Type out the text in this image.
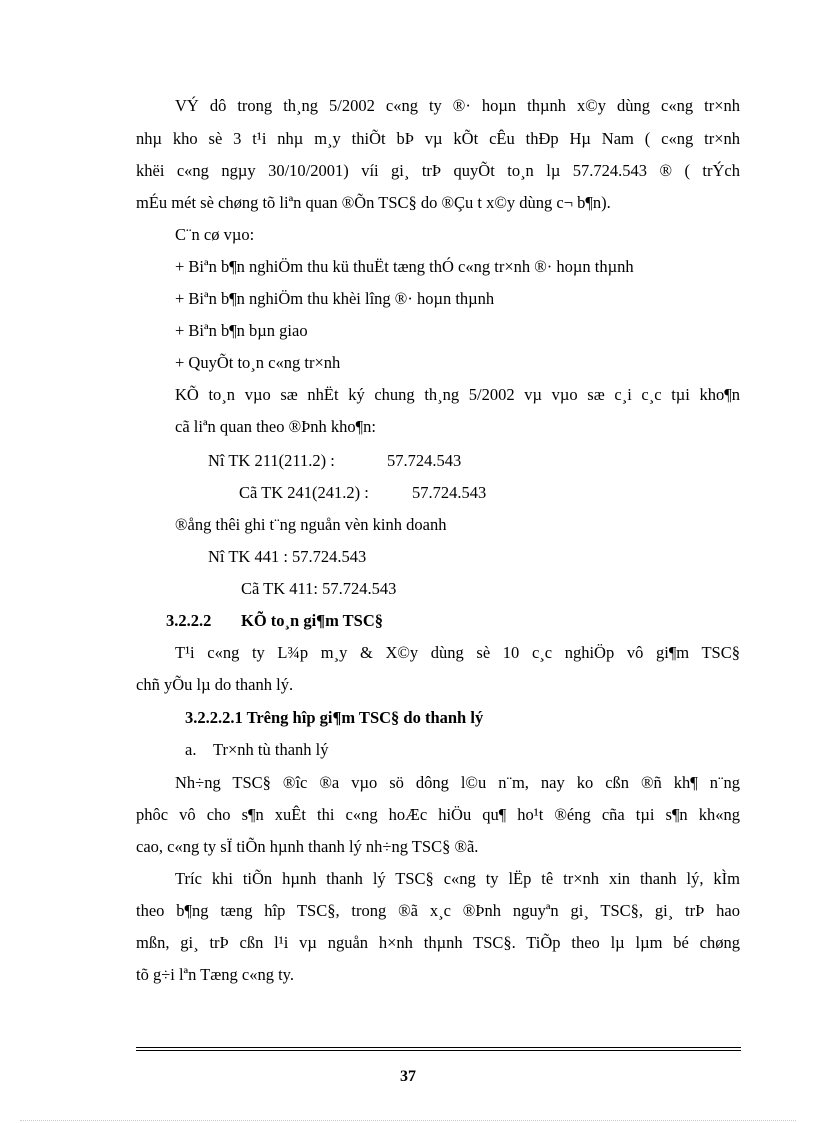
VÝ dô trong th¸ng 5/2002 c«ng ty ®· hoµn thµnh x©y dùng c«ng tr×nh
nhµ kho sè 3 t¹i nhµ m¸y thiÕt bÞ vµ kÕt cÊu thÐp Hµ Nam ( c«ng tr×nh
khëi c«ng ngµy 30/10/2001) víi gi¸ trÞ quyÕt to¸n lµ 57.724.543 ® ( trÝch
mÉu mét sè chøng tõ liªn quan ®Õn TSC§ do ®Çu t x©y dùng c¬ b¶n).
C¨n cø vµo:
+ Biªn b¶n nghiÖm thu kü thuËt tæng thÓ c«ng tr×nh ®· hoµn thµnh
+ Biªn b¶n nghiÖm thu khèi lîng ®· hoµn thµnh
+ Biªn b¶n bµn giao
+ QuyÕt to¸n c«ng tr×nh
KÕ to¸n vµo sæ nhËt ký chung th¸ng 5/2002 vµ vµo sæ c¸i c¸c tµi kho¶n
cã liªn quan theo ®Þnh kho¶n:
Nî TK 211(211.2) :	57.724.543
Cã TK 241(241.2) :	57.724.543
®ång thêi ghi t¨ng nguån vèn kinh doanh
Nî TK 441 : 57.724.543
Cã TK 411: 57.724.543
3.2.2.2 KÕ to¸n gi¶m TSC§
T¹i c«ng ty L¾p m¸y & X©y dùng sè 10 c¸c nghiÖp vô gi¶m TSC§
chñ yÕu lµ do thanh lý.
3.2.2.2.1 Trêng hîp gi¶m TSC§ do thanh lý
a. Tr×nh tù thanh lý
Nh÷ng TSC§ ®îc ®a vµo sö dông l©u n¨m, nay ko cßn ®ñ kh¶ n¨ng
phôc vô cho s¶n xuÊt thi c«ng hoÆc hiÖu qu¶ ho¹t ®éng cña tµi s¶n kh«ng
cao, c«ng ty sÏ tiÕn hµnh thanh lý nh÷ng TSC§ ®ã.
Tríc khi tiÕn hµnh thanh lý TSC§ c«ng ty lËp tê tr×nh xin thanh lý, kÌm
theo b¶ng tæng hîp TSC§, trong ®ã x¸c ®Þnh nguyªn gi¸ TSC§, gi¸ trÞ hao
mßn, gi¸ trÞ cßn l¹i vµ nguån h×nh thµnh TSC§. TiÕp theo lµ lµm bé chøng
tõ g÷i lªn Tæng c«ng ty.
37
